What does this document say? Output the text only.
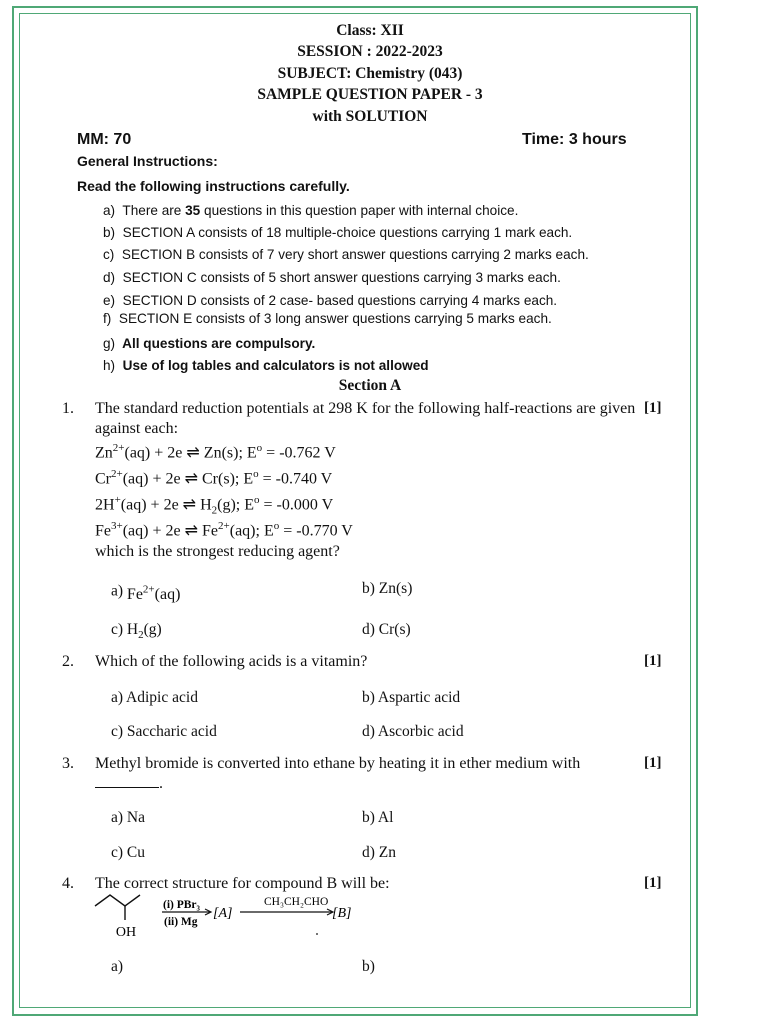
Class: XII
SESSION : 2022-2023
SUBJECT: Chemistry (043)
SAMPLE QUESTION PAPER - 3
with SOLUTION
MM: 70	Time: 3 hours
General Instructions:
Read the following instructions carefully.
a) There are 35 questions in this question paper with internal choice.
b) SECTION A consists of 18 multiple-choice questions carrying 1 mark each.
c) SECTION B consists of 7 very short answer questions carrying 2 marks each.
d) SECTION C consists of 5 short answer questions carrying 3 marks each.
e) SECTION D consists of 2 case- based questions carrying 4 marks each.
f) SECTION E consists of 3 long answer questions carrying 5 marks each.
g) All questions are compulsory.
h) Use of log tables and calculators is not allowed
Section A
1. The standard reduction potentials at 298 K for the following half-reactions are given [1]
against each:
$Zn^{2+}(aq) + 2e$ ⇌ Zn(s); $E^o = -0.762$ V
$Cr^{2+}(aq) + 2e$ ⇌ Cr(s); $E^o = -0.740$ V
2H+(aq) + 2e ⇌ $H_2(g)$; $E^o = -0.000$ V
$Fe^{3+}(aq) + 2e$ ⇌ $Fe^{2+}(aq)$; $E^o = -0.770$ V
which is the strongest reducing agent?
a) $Fe^{2+}(aq)$	b) Zn(s)
c) $H_2(g)$	d) Cr(s)
2. Which of the following acids is a vitamin?	[1]
a) Adipic acid	b) Aspartic acid
c) Saccharic acid	d) Ascorbic acid
3. Methyl bromide is converted into ethane by heating it in ether medium with	[1]
.
a) Na	b) Al
c) Cu	d) Zn
4. The correct structure for compound B will be:	[1]
OH
(i) PBr₃
(ii) Mg
[A]
CH₃CH₂CHO
[B]
a)	b)
